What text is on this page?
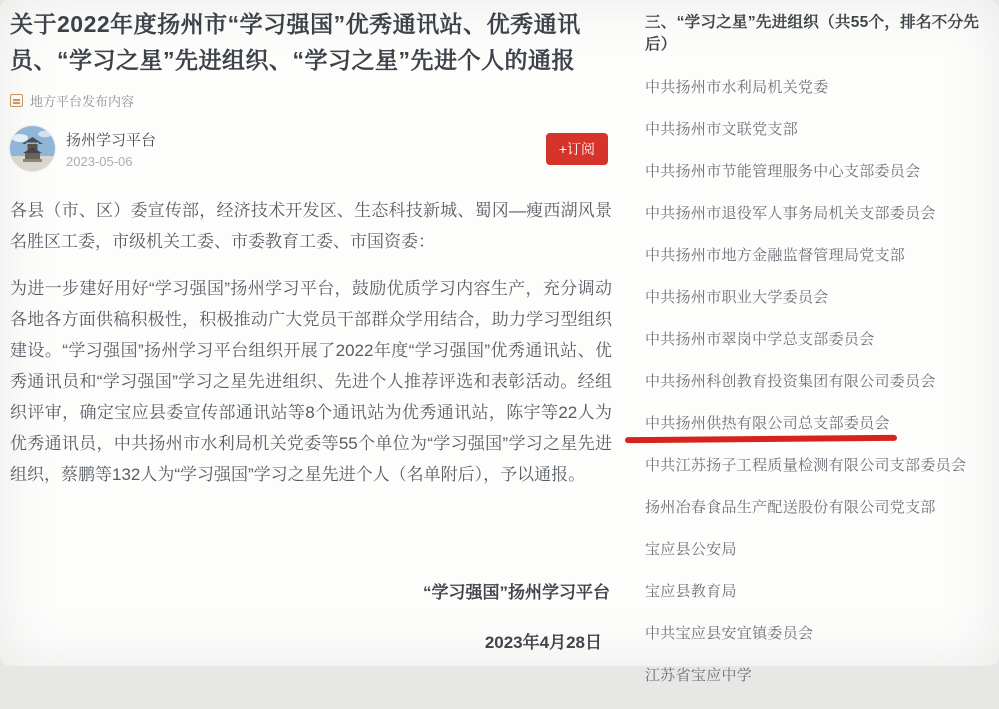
关于2022年度扬州市“学习强国”优秀通讯站、优秀通讯员、“学习之星”先进组织、“学习之星”先进个人的通报
地方平台发布内容
扬州学习平台
2023-05-06
+订阅

各县（市、区）委宣传部，经济技术开发区、生态科技新城、蜀冈—瘦西湖风景名胜区工委，市级机关工委、市委教育工委、市国资委：

为进一步建好用好“学习强国”扬州学习平台，鼓励优质学习内容生产，充分调动各地各方面供稿积极性，积极推动广大党员干部群众学用结合，助力学习型组织建设。“学习强国”扬州学习平台组织开展了2022年度“学习强国”优秀通讯站、优秀通讯员和“学习强国”学习之星先进组织、先进个人推荐评选和表彰活动。经组织评审，确定宝应县委宣传部通讯站等8个通讯站为优秀通讯站，陈宇等22人为优秀通讯员，中共扬州市水利局机关党委等55个单位为“学习强国”学习之星先进组织，蔡鹏等132人为“学习强国”学习之星先进个人（名单附后），予以通报。

“学习强国”扬州学习平台
2023年4月28日
三、“学习之星”先进组织（共55个，排名不分先后）
中共扬州市水利局机关党委
中共扬州市文联党支部
中共扬州市节能管理服务中心支部委员会
中共扬州市退役军人事务局机关支部委员会
中共扬州市地方金融监督管理局党支部
中共扬州市职业大学委员会
中共扬州市翠岗中学总支部委员会
中共扬州科创教育投资集团有限公司委员会
中共扬州供热有限公司总支部委员会
中共江苏扬子工程质量检测有限公司支部委员会
扬州冶春食品生产配送股份有限公司党支部
宝应县公安局
宝应县教育局
中共宝应县安宜镇委员会
江苏省宝应中学
